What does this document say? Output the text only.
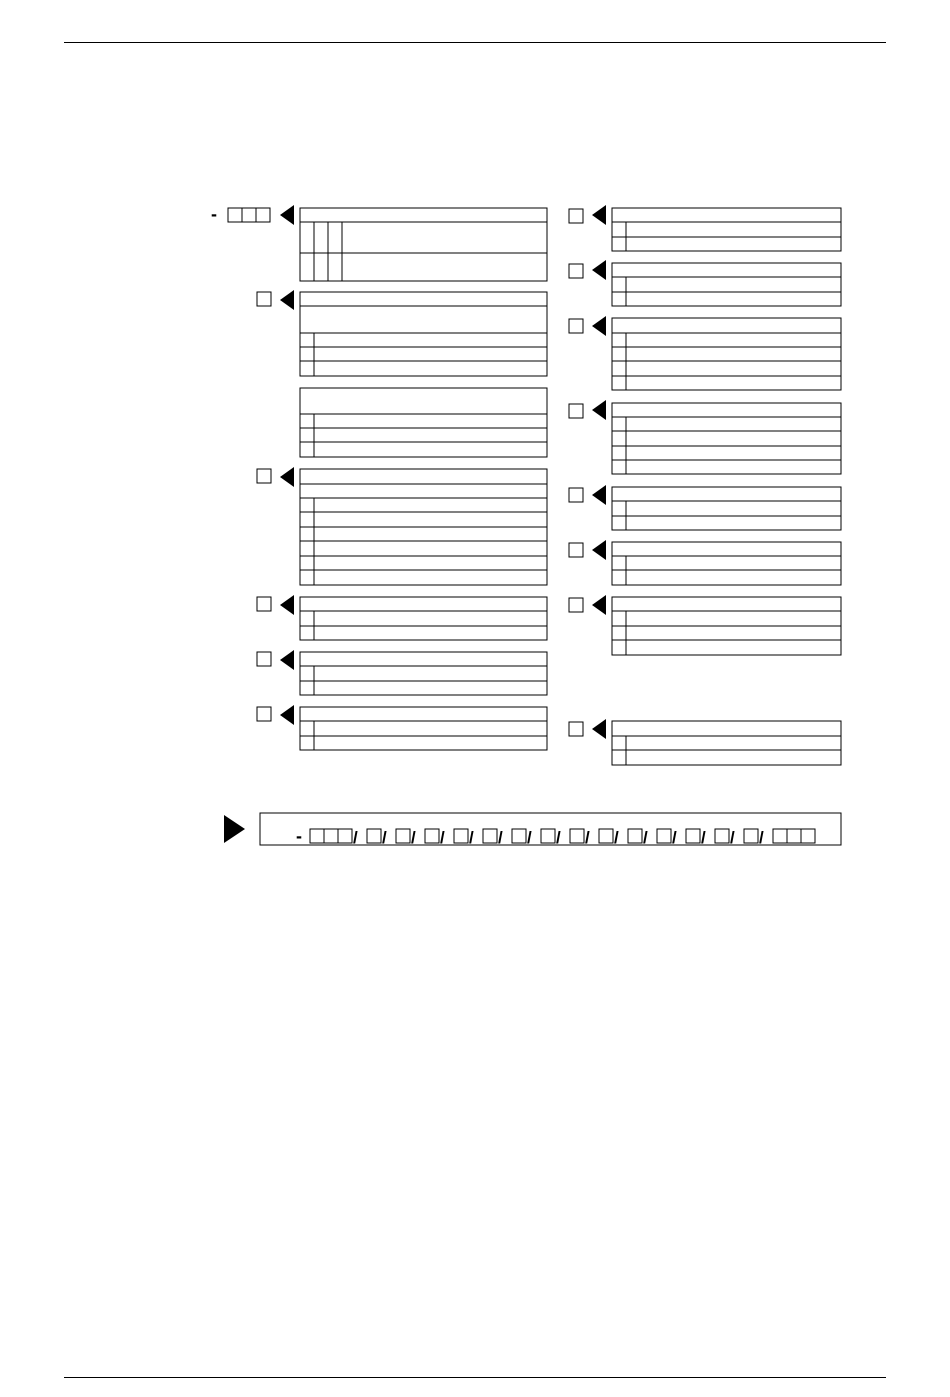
-
-	/ / / / / / / / / / / / / / /
